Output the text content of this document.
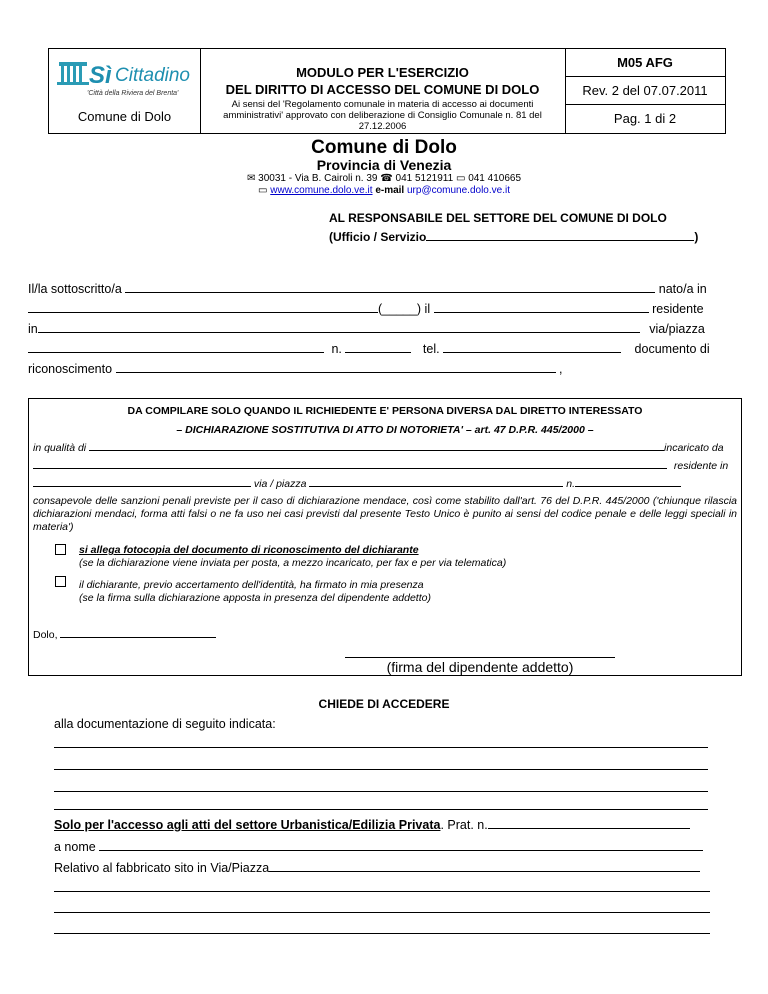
Sì Cittadino
'Città della Riviera del Brenta'
Comune di Dolo
MODULO PER L'ESERCIZIO
DEL DIRITTO DI ACCESSO DEL COMUNE DI DOLO
Ai sensi del 'Regolamento comunale in materia di accesso ai documenti amministrativi' approvato con deliberazione di Consiglio Comunale n. 81 del 27.12.2006
M05 AFG
Rev. 2 del 07.07.2011
Pag. 1 di 2
Comune di Dolo
Provincia di Venezia
✉ 30031 - Via B. Cairoli n. 39 ☎ 041 5121911 ▭ 041 410665
▭ www.comune.dolo.ve.it e-mail urp@comune.dolo.ve.it
AL RESPONSABILE DEL SETTORE DEL COMUNE DI DOLO
(Ufficio / Servizio	)
Il/la sottoscritto/a	nato/a in
(_____) il	residente
in	via/piazza
n.	tel.	documento di
riconoscimento	,
DA COMPILARE SOLO QUANDO IL RICHIEDENTE E' PERSONA DIVERSA DAL DIRETTO INTERESSATO
– DICHIARAZIONE SOSTITUTIVA DI ATTO DI NOTORIETA' – art. 47 D.P.R. 445/2000 –
in qualità di	incaricato da
residente in
via / piazza	n.
consapevole delle sanzioni penali previste per il caso di dichiarazione mendace, così come stabilito dall'art. 76 del D.P.R. 445/2000 ('chiunque rilascia dichiarazioni mendaci, forma atti falsi o ne fa uso nei casi previsti dal presente Testo Unico è punito ai sensi del codice penale e delle leggi speciali in materia')
si allega fotocopia del documento di riconoscimento del dichiarante
(se la dichiarazione viene inviata per posta, a mezzo incaricato, per fax e per via telematica)
il dichiarante, previo accertamento dell'identità, ha firmato in mia presenza
(se la firma sulla dichiarazione apposta in presenza del dipendente addetto)
Dolo,
(firma del dipendente addetto)
CHIEDE DI ACCEDERE
alla documentazione di seguito indicata:
Solo per l'accesso agli atti del settore Urbanistica/Edilizia Privata. Prat. n.
a nome
Relativo al fabbricato sito in Via/Piazza
